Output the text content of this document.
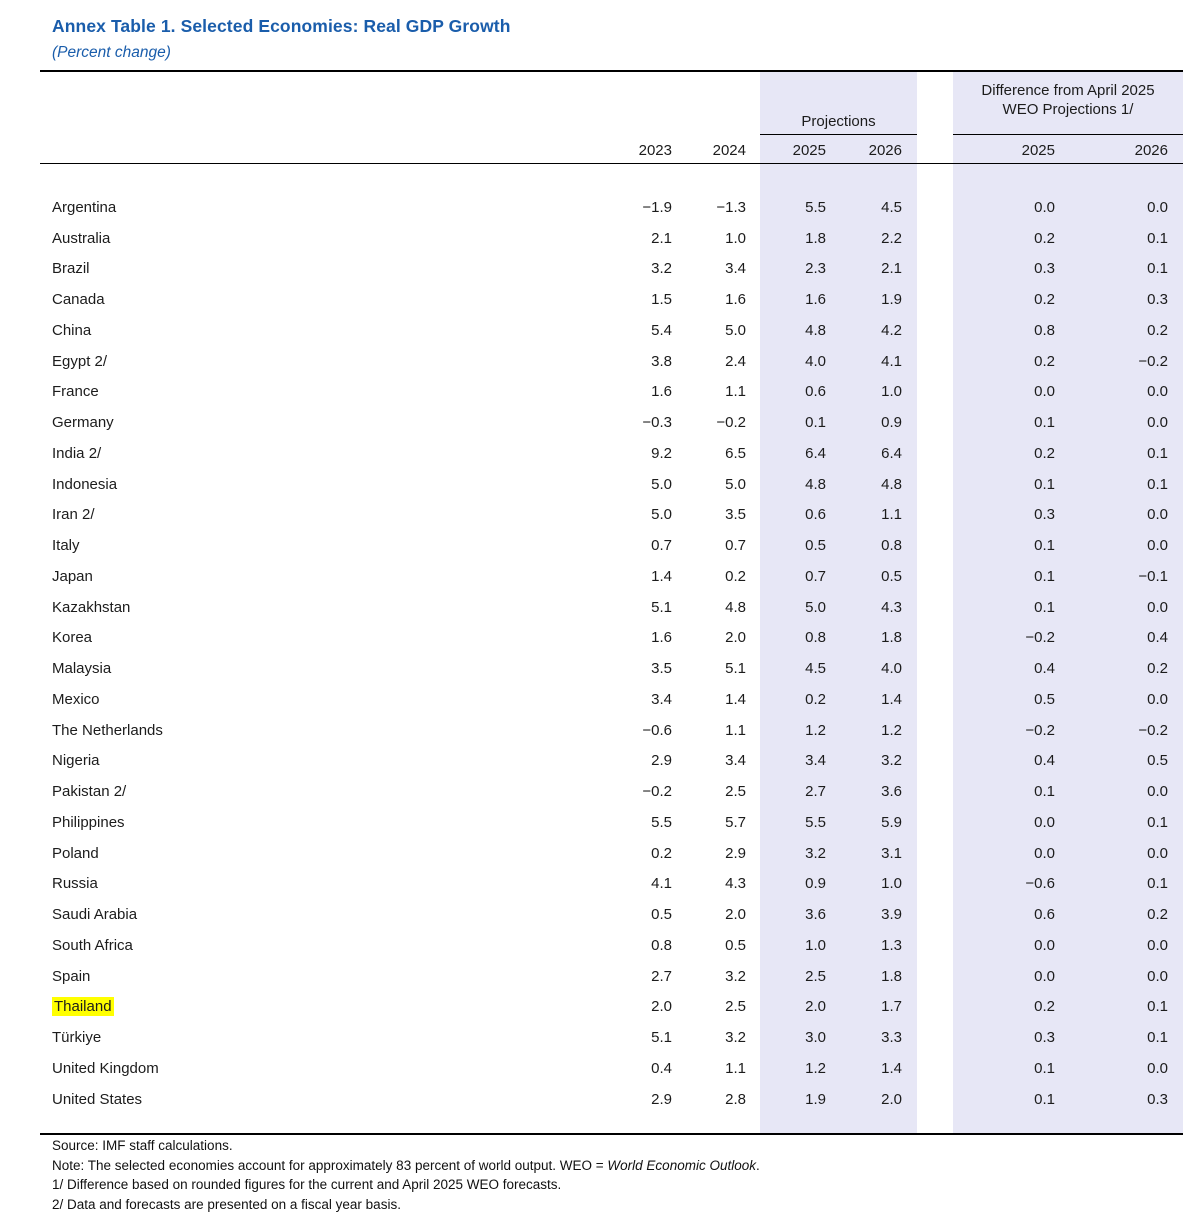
Annex Table 1. Selected Economies: Real GDP Growth
(Percent change)
Difference from April 2025
WEO Projections 1/
Projections
2023	2024	2025	2026	2025	2026
Argentina	−1.9	−1.3	5.5	4.5	0.0	0.0
Australia	2.1	1.0	1.8	2.2	0.2	0.1
Brazil	3.2	3.4	2.3	2.1	0.3	0.1
Canada	1.5	1.6	1.6	1.9	0.2	0.3
China	5.4	5.0	4.8	4.2	0.8	0.2
Egypt 2/	3.8	2.4	4.0	4.1	0.2	−0.2
France	1.6	1.1	0.6	1.0	0.0	0.0
Germany	−0.3	−0.2	0.1	0.9	0.1	0.0
India 2/	9.2	6.5	6.4	6.4	0.2	0.1
Indonesia	5.0	5.0	4.8	4.8	0.1	0.1
Iran 2/	5.0	3.5	0.6	1.1	0.3	0.0
Italy	0.7	0.7	0.5	0.8	0.1	0.0
Japan	1.4	0.2	0.7	0.5	0.1	−0.1
Kazakhstan	5.1	4.8	5.0	4.3	0.1	0.0
Korea	1.6	2.0	0.8	1.8	−0.2	0.4
Malaysia	3.5	5.1	4.5	4.0	0.4	0.2
Mexico	3.4	1.4	0.2	1.4	0.5	0.0
The Netherlands	−0.6	1.1	1.2	1.2	−0.2	−0.2
Nigeria	2.9	3.4	3.4	3.2	0.4	0.5
Pakistan 2/	−0.2	2.5	2.7	3.6	0.1	0.0
Philippines	5.5	5.7	5.5	5.9	0.0	0.1
Poland	0.2	2.9	3.2	3.1	0.0	0.0
Russia	4.1	4.3	0.9	1.0	−0.6	0.1
Saudi Arabia	0.5	2.0	3.6	3.9	0.6	0.2
South Africa	0.8	0.5	1.0	1.3	0.0	0.0
Spain	2.7	3.2	2.5	1.8	0.0	0.0
Thailand	2.0	2.5	2.0	1.7	0.2	0.1
Türkiye	5.1	3.2	3.0	3.3	0.3	0.1
United Kingdom	0.4	1.1	1.2	1.4	0.1	0.0
United States	2.9	2.8	1.9	2.0	0.1	0.3
Source: IMF staff calculations.
Note: The selected economies account for approximately 83 percent of world output. WEO = World Economic Outlook.
1/ Difference based on rounded figures for the current and April 2025 WEO forecasts.
2/ Data and forecasts are presented on a fiscal year basis.
